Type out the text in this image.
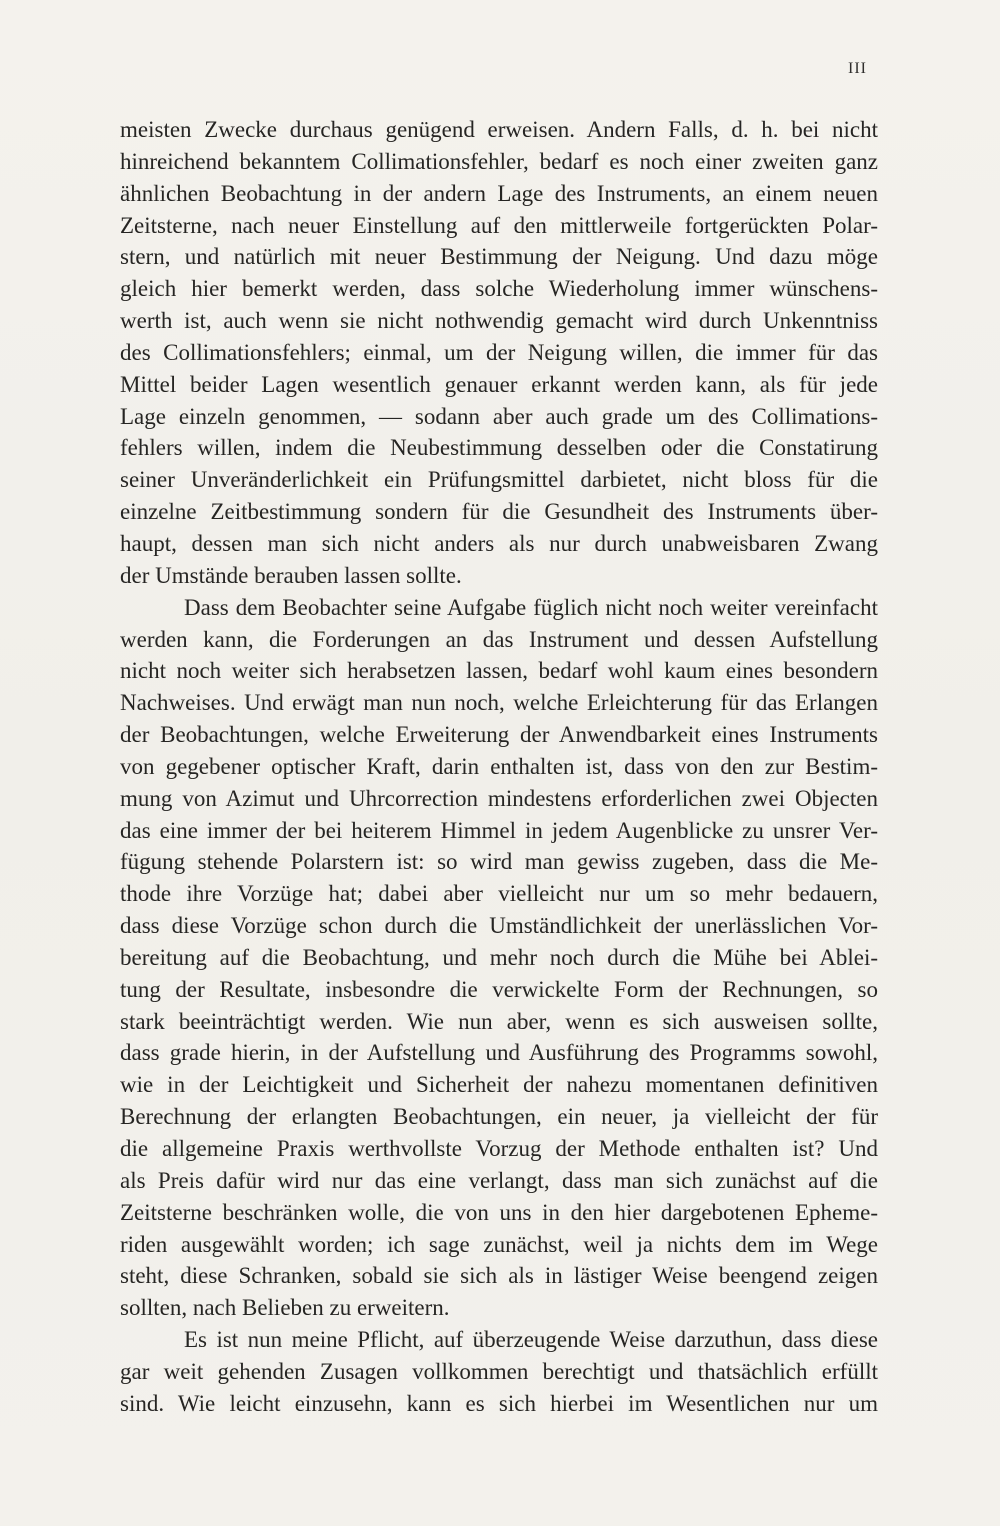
III
meisten Zwecke durchaus genügend erweisen. Andern Falls, d. h. bei nicht
hinreichend bekanntem Collimationsfehler, bedarf es noch einer zweiten ganz
ähnlichen Beobachtung in der andern Lage des Instruments, an einem neuen
Zeitsterne, nach neuer Einstellung auf den mittlerweile fortgerückten Polar-
stern, und natürlich mit neuer Bestimmung der Neigung. Und dazu möge
gleich hier bemerkt werden, dass solche Wiederholung immer wünschens-
werth ist, auch wenn sie nicht nothwendig gemacht wird durch Unkenntniss
des Collimationsfehlers; einmal, um der Neigung willen, die immer für das
Mittel beider Lagen wesentlich genauer erkannt werden kann, als für jede
Lage einzeln genommen, — sodann aber auch grade um des Collimations-
fehlers willen, indem die Neubestimmung desselben oder die Constatirung
seiner Unveränderlichkeit ein Prüfungsmittel darbietet, nicht bloss für die
einzelne Zeitbestimmung sondern für die Gesundheit des Instruments über-
haupt, dessen man sich nicht anders als nur durch unabweisbaren Zwang
der Umstände berauben lassen sollte.
Dass dem Beobachter seine Aufgabe füglich nicht noch weiter vereinfacht
werden kann, die Forderungen an das Instrument und dessen Aufstellung
nicht noch weiter sich herabsetzen lassen, bedarf wohl kaum eines besondern
Nachweises. Und erwägt man nun noch, welche Erleichterung für das Erlangen
der Beobachtungen, welche Erweiterung der Anwendbarkeit eines Instruments
von gegebener optischer Kraft, darin enthalten ist, dass von den zur Bestim-
mung von Azimut und Uhrcorrection mindestens erforderlichen zwei Objecten
das eine immer der bei heiterem Himmel in jedem Augenblicke zu unsrer Ver-
fügung stehende Polarstern ist: so wird man gewiss zugeben, dass die Me-
thode ihre Vorzüge hat; dabei aber vielleicht nur um so mehr bedauern,
dass diese Vorzüge schon durch die Umständlichkeit der unerlässlichen Vor-
bereitung auf die Beobachtung, und mehr noch durch die Mühe bei Ablei-
tung der Resultate, insbesondre die verwickelte Form der Rechnungen, so
stark beeinträchtigt werden. Wie nun aber, wenn es sich ausweisen sollte,
dass grade hierin, in der Aufstellung und Ausführung des Programms sowohl,
wie in der Leichtigkeit und Sicherheit der nahezu momentanen definitiven
Berechnung der erlangten Beobachtungen, ein neuer, ja vielleicht der für
die allgemeine Praxis werthvollste Vorzug der Methode enthalten ist? Und
als Preis dafür wird nur das eine verlangt, dass man sich zunächst auf die
Zeitsterne beschränken wolle, die von uns in den hier dargebotenen Epheme-
riden ausgewählt worden; ich sage zunächst, weil ja nichts dem im Wege
steht, diese Schranken, sobald sie sich als in lästiger Weise beengend zeigen
sollten, nach Belieben zu erweitern.
Es ist nun meine Pflicht, auf überzeugende Weise darzuthun, dass diese
gar weit gehenden Zusagen vollkommen berechtigt und thatsächlich erfüllt
sind. Wie leicht einzusehn, kann es sich hierbei im Wesentlichen nur um
